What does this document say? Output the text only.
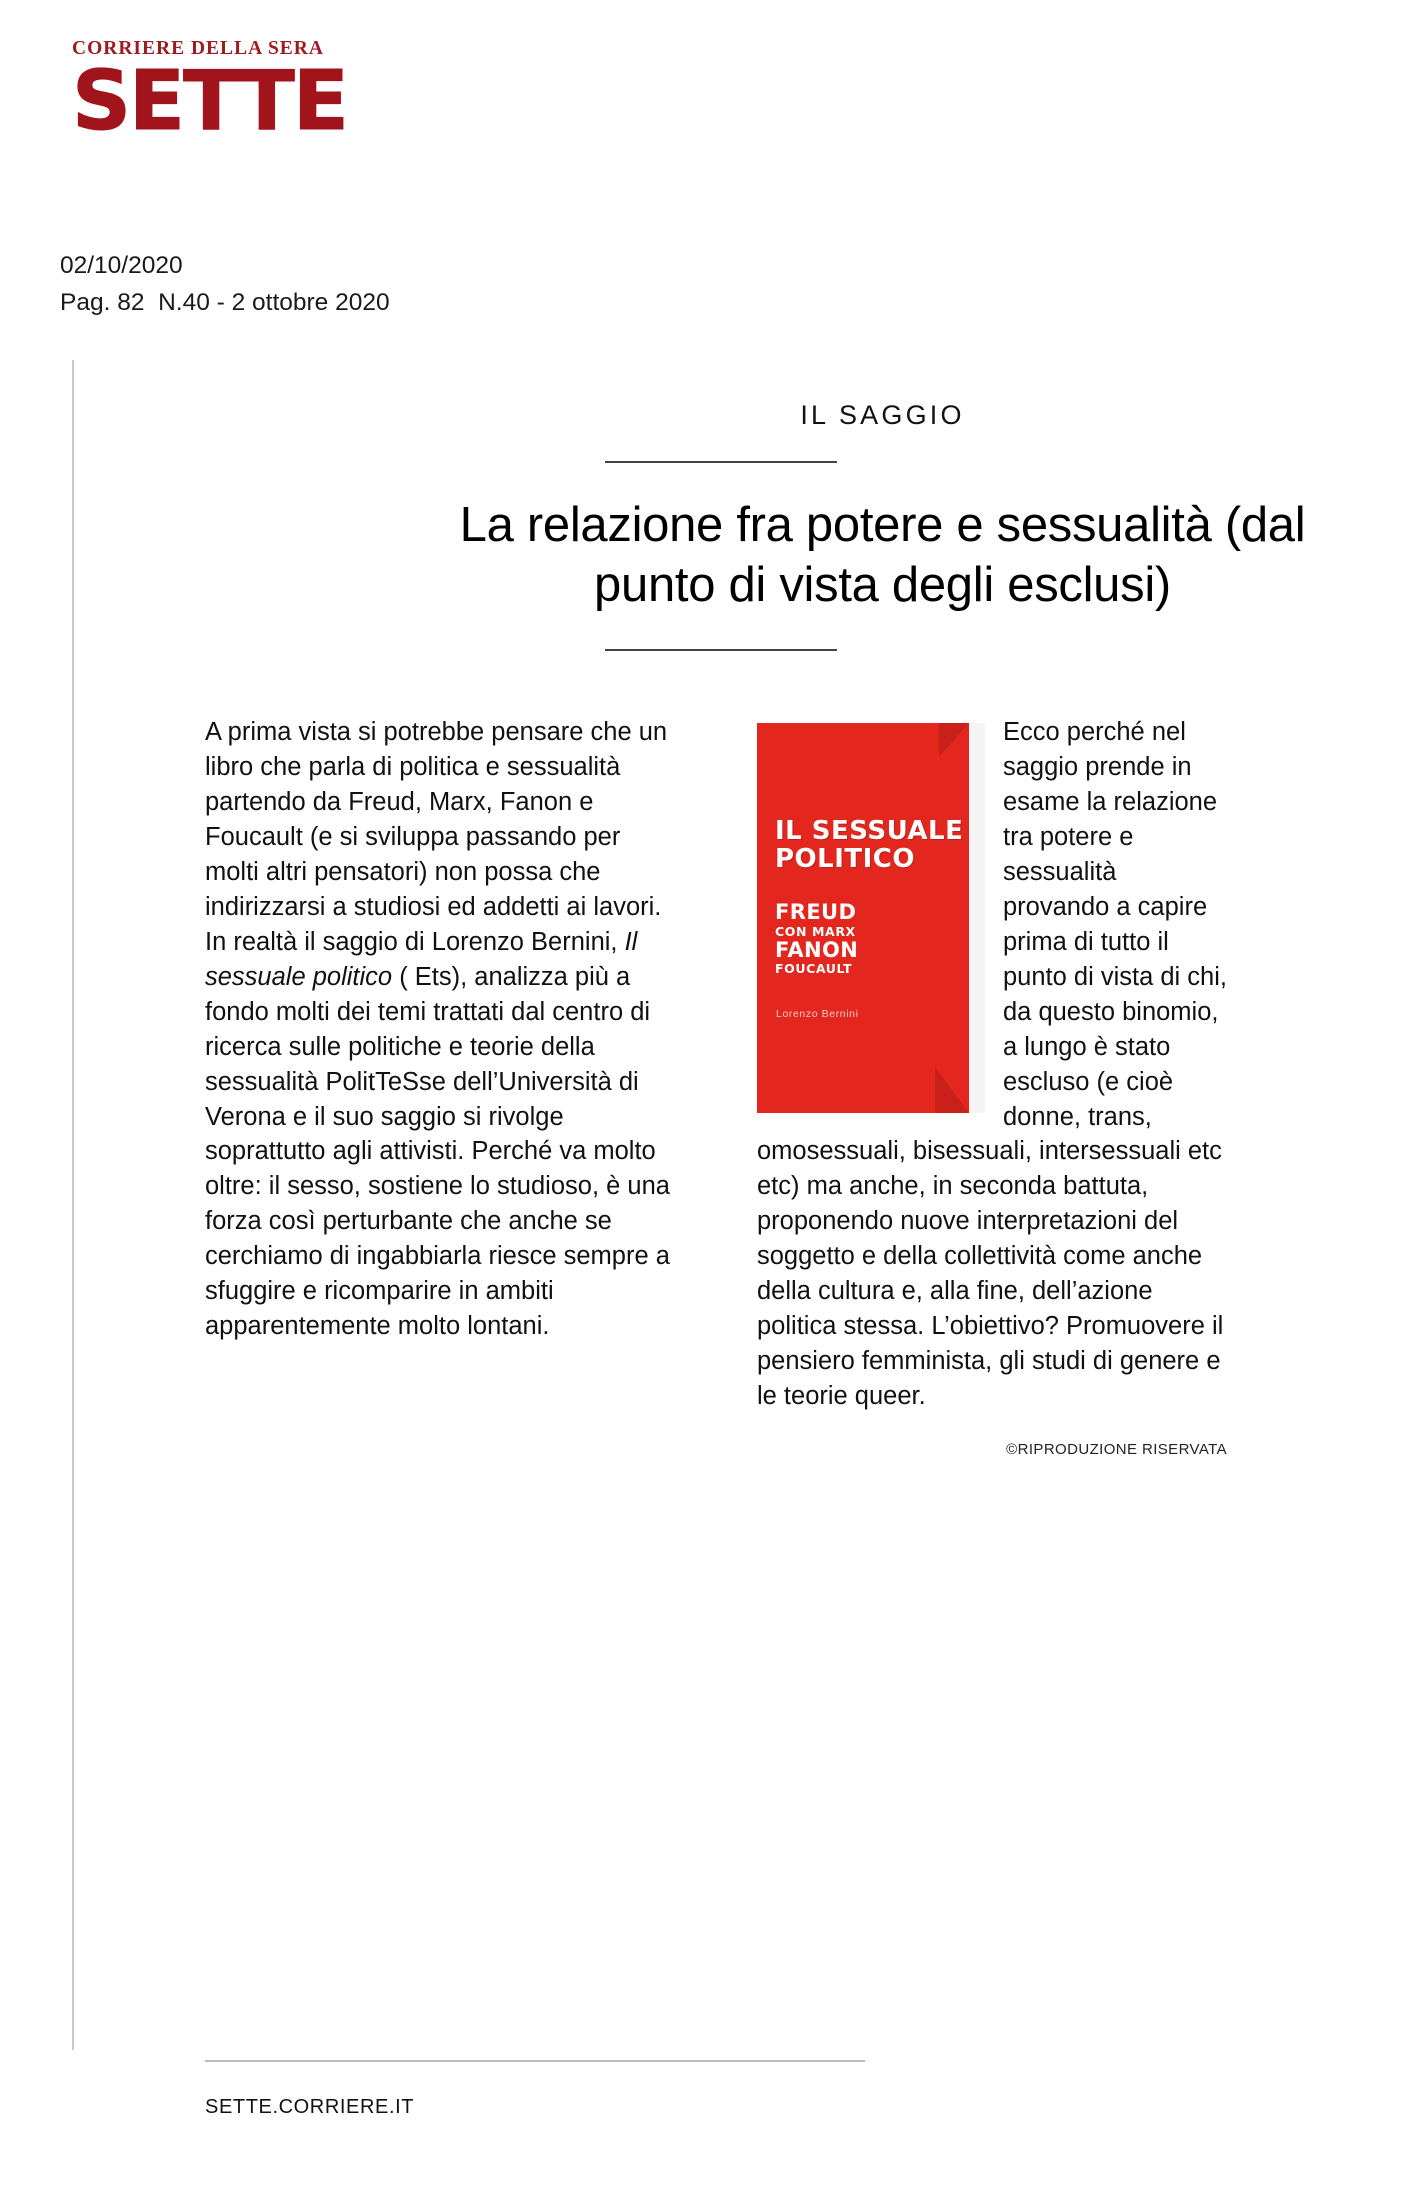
CORRIERE DELLA SERA
SETTE
02/10/2020
Pag. 82  N.40 - 2 ottobre 2020
IL SAGGIO
La relazione fra potere e sessualità (dal punto di vista degli esclusi)

A prima vista si potrebbe pensare che un libro che parla di politica e sessualità partendo da Freud, Marx, Fanon e Foucault (e si sviluppa passando per molti altri pensatori) non possa che indirizzarsi a studiosi ed addetti ai lavori. In realtà il saggio di Lorenzo Bernini, Il sessuale politico ( Ets), analizza più a fondo molti dei temi trattati dal centro di ricerca sulle politiche e teorie della sessualità PolitTeSse dell’Università di Verona e il suo saggio si rivolge soprattutto agli attivisti. Perché va molto oltre: il sesso, sostiene lo studioso, è una forza così perturbante che anche se cerchiamo di ingabbiarla riesce sempre a sfuggire e ricomparire in ambiti apparentemente molto lontani.

IL SESSUALE POLITICO
FREUD
CON MARX
FANON
FOUCAULT
Lorenzo Bernini

Ecco perché nel saggio prende in esame la relazione tra potere e sessualità provando a capire prima di tutto il punto di vista di chi, da questo binomio, a lungo è stato escluso (e cioè donne, trans, omosessuali, bisessuali, intersessuali etc etc) ma anche, in seconda battuta, proponendo nuove interpretazioni del soggetto e della collettività come anche della cultura e, alla fine, dell’azione politica stessa. L’obiettivo? Promuovere il pensiero femminista, gli studi di genere e le teorie queer.

©RIPRODUZIONE RISERVATA
SETTE.CORRIERE.IT
